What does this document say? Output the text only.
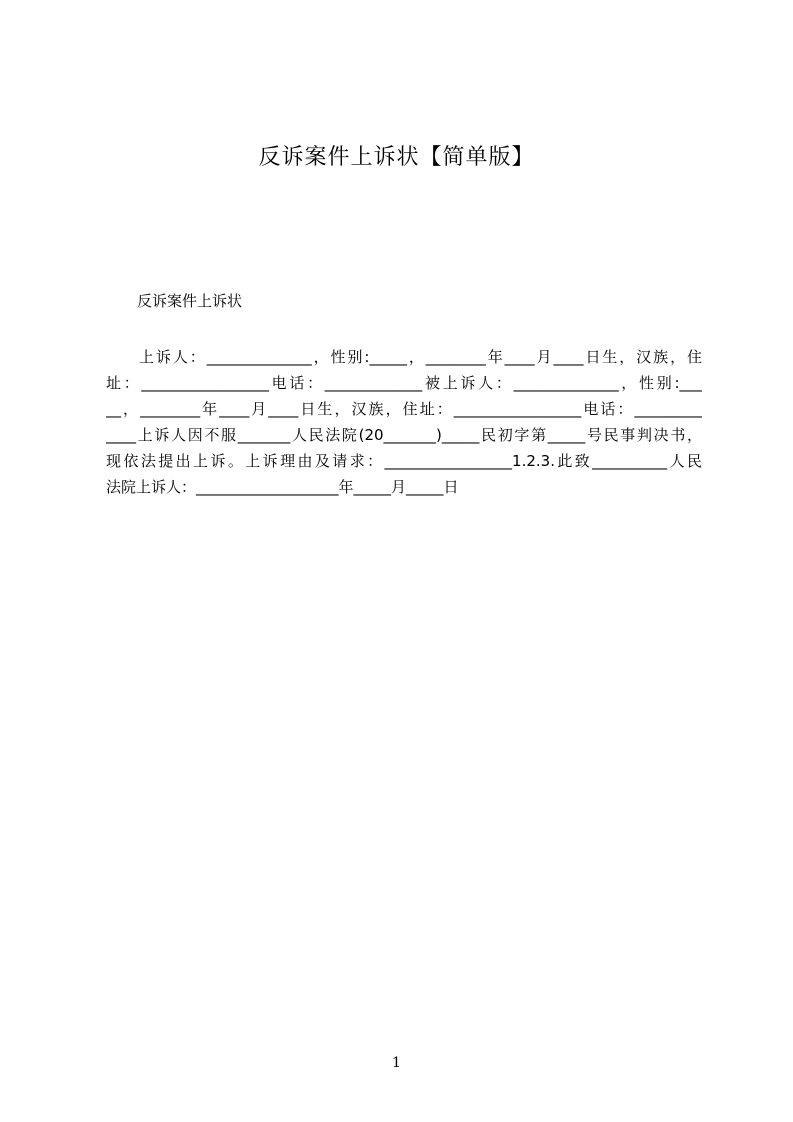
反诉案件上诉状【简单版】

反诉案件上诉状

上诉人：______________，性别:_____，________年____月____日生，汉族，住
址：_________________电话：_____________被上诉人：______________，性别:___
__，________年____月____日生，汉族，住址：_________________电话：_________
____上诉人因不服_______人民法院(20_______)_____民初字第_____号民事判决书，
现依法提出上诉。上诉理由及请求：_________________1.2.3.此致__________人民
法院上诉人：___________________年_____月_____日
1
